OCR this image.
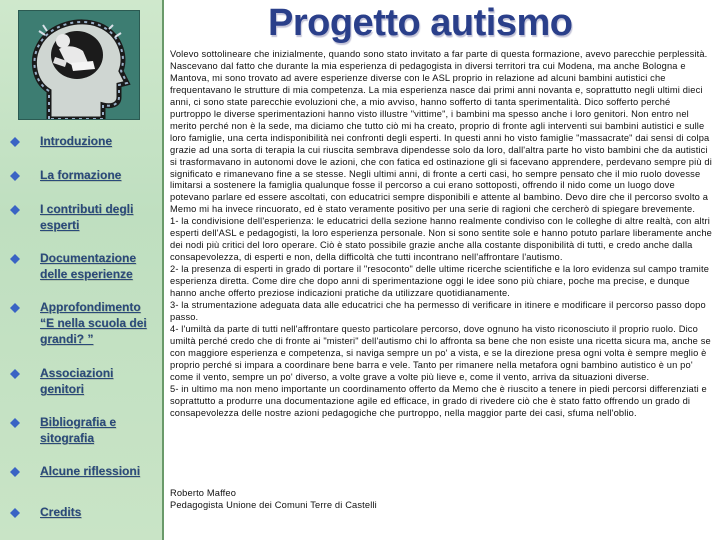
Progetto autismo
Introduzione
La formazione
I contributi degli esperti
Documentazione delle esperienze
Approfondimento “E nella scuola dei grandi? ”
Associazioni genitori
Bibliografia e sitografia
Alcune riflessioni
Credits

Volevo sottolineare che inizialmente, quando sono stato invitato a far parte di questa formazione, avevo parecchie perplessità. Nascevano dal fatto che durante la mia esperienza di pedagogista in diversi territori tra cui Modena, ma anche Bologna e Mantova, mi sono trovato ad avere esperienze diverse con le ASL proprio in relazione ad alcuni bambini autistici che frequentavano le strutture di mia competenza. La mia esperienza nasce dai primi anni novanta e, soprattutto negli ultimi dieci anni, ci sono state parecchie evoluzioni che, a mio avviso, hanno sofferto di tanta sperimentalità. Dico sofferto perché purtroppo le diverse sperimentazioni hanno visto illustre "vittime", i bambini ma spesso anche i loro genitori. Non entro nel merito perché non è la sede, ma diciamo che tutto ciò mi ha creato, proprio di fronte agli interventi sui bambini autistici e sulle loro famiglie, una certa indisponibilità nei confronti degli esperti. In questi anni ho visto famiglie "massacrate" dai sensi di colpa grazie ad una sorta di terapia la cui riuscita sembrava dipendesse solo da loro, dall'altra parte ho visto bambini che da autistici si trasformavano in autonomi dove le azioni, che con fatica ed ostinazione gli si facevano apprendere, perdevano sempre più di significato e rimanevano fine a se stesse. Negli ultimi anni, di fronte a certi casi, ho sempre pensato che il mio ruolo dovesse limitarsi a sostenere la famiglia qualunque fosse il percorso a cui erano sottoposti, offrendo il nido come un luogo dove potevano parlare ed essere ascoltati, con educatrici sempre disponibili e attente al bambino. Devo dire che il percorso svolto a Memo mi ha invece rincuorato, ed è stato veramente positivo per una serie di ragioni che cercherò di spiegare brevemente.

1- la condivisione dell'esperienza: le educatrici della sezione hanno realmente condiviso con le colleghe di altre realtà, con altri esperti dell'ASL e pedagogisti, la loro esperienza personale. Non si sono sentite sole e hanno potuto parlare liberamente anche dei nodi più critici del loro operare. Ciò è stato possibile grazie anche alla costante disponibilità di tutti, e credo anche dalla consapevolezza, di esperti e non, della difficoltà che tutti incontrano nell'affrontare l'autismo.

2- la presenza di esperti in grado di portare il "resoconto" delle ultime ricerche scientifiche e la loro evidenza sul campo tramite esperienza diretta. Come dire che dopo anni di sperimentazione oggi le idee sono più chiare, poche ma precise, e dunque hanno anche offerto preziose indicazioni pratiche da utilizzare quotidianamente.

3- la strumentazione adeguata data alle educatrici che ha permesso di verificare in itinere e modificare il percorso passo dopo passo.

4- l'umiltà da parte di tutti nell'affrontare questo particolare percorso, dove ognuno ha visto riconosciuto il proprio ruolo. Dico umiltà perché credo che di fronte ai "misteri" dell'autismo chi lo affronta sa bene che non esiste una ricetta sicura ma, anche se con maggiore esperienza e competenza, si naviga sempre un po' a vista, e se la direzione presa ogni volta è sempre meglio è proprio perché si impara a coordinare bene barra e vele. Tanto per rimanere nella metafora ogni bambino autistico è un po' come il vento, sempre un po' diverso, a volte grave a volte più lieve e, come il vento, arriva da situazioni diverse.

5- in ultimo ma non meno importante un coordinamento offerto da Memo che è riuscito a tenere in piedi percorsi differenziati e soprattutto a produrre una documentazione agile ed efficace, in grado di rivedere ciò che è stato fatto offrendo un grado di consapevolezza delle nostre azioni pedagogiche che purtroppo, nella maggior parte dei casi, sfuma nell'oblio.

Roberto Maffeo
Pedagogista Unione dei Comuni Terre di Castelli
